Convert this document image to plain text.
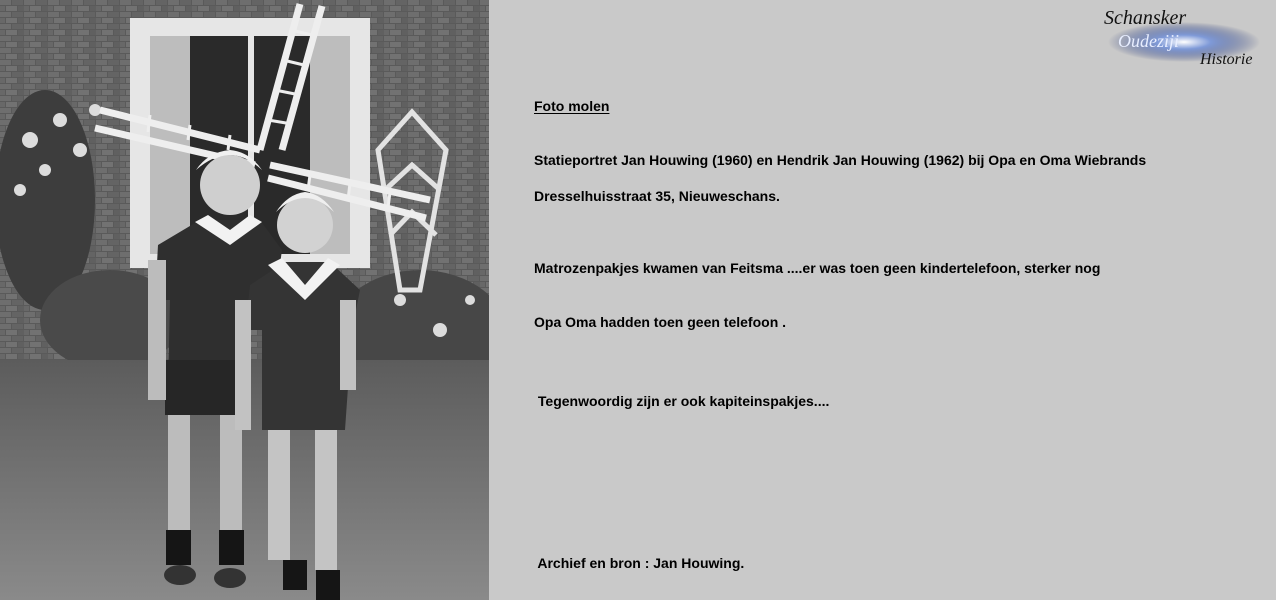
Schansker
Oudeziji
Historie
Foto molen
Statieportret Jan Houwing (1960) en Hendrik Jan Houwing (1962) bij Opa en Oma Wiebrands
Dresselhuisstraat 35, Nieuweschans.
Matrozenpakjes kwamen van Feitsma ....er was toen geen kindertelefoon, sterker nog
Opa Oma hadden toen geen telefoon .
Tegenwoordig zijn er ook kapiteinspakjes....
Archief en bron : Jan Houwing.
